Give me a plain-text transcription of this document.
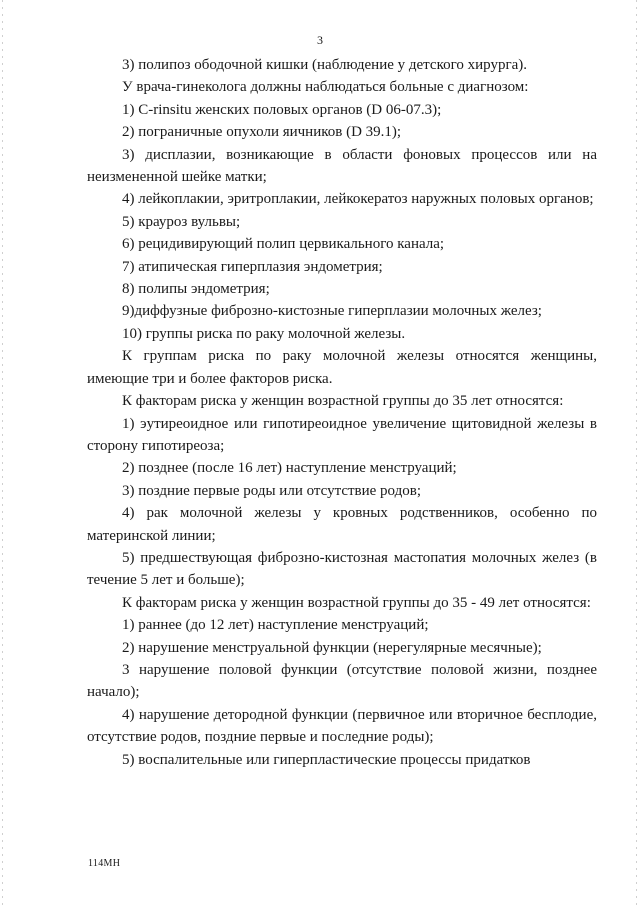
3

3) полипоз ободочной кишки (наблюдение у детского хирурга).

У врача-гинеколога должны наблюдаться больные с диагнозом:

1) C-rinsitu женских половых органов (D 06-07.3);

2) пограничные опухоли яичников (D 39.1);

3) дисплазии, возникающие в области фоновых процессов или на неизмененной шейке матки;

4) лейкоплакии, эритроплакии, лейкокератоз наружных половых органов;

5) крауроз вульвы;

6) рецидивирующий полип цервикального канала;

7) атипическая гиперплазия эндометрия;

8) полипы эндометрия;

9)диффузные фиброзно-кистозные гиперплазии молочных желез;

10) группы риска по раку молочной железы.

К группам риска по раку молочной железы относятся женщины, имеющие три и более факторов риска.

К факторам риска у женщин возрастной группы до 35 лет относятся:

1) эутиреоидное или гипотиреоидное увеличение щитовидной железы в сторону гипотиреоза;

2) позднее (после 16 лет) наступление менструаций;

3) поздние первые роды или отсутствие родов;

4) рак молочной железы у кровных родственников, особенно по материнской линии;

5) предшествующая фиброзно-кистозная мастопатия молочных желез (в течение 5 лет и больше);

К факторам риска у женщин возрастной группы до 35 - 49 лет относятся:

1) раннее (до 12 лет) наступление менструаций;

2) нарушение менструальной функции (нерегулярные месячные);

3 нарушение половой функции (отсутствие половой жизни, позднее начало);

4) нарушение детородной функции (первичное или вторичное бесплодие, отсутствие родов, поздние первые и последние роды);

5) воспалительные или гиперпластические процессы придатков

114МН
